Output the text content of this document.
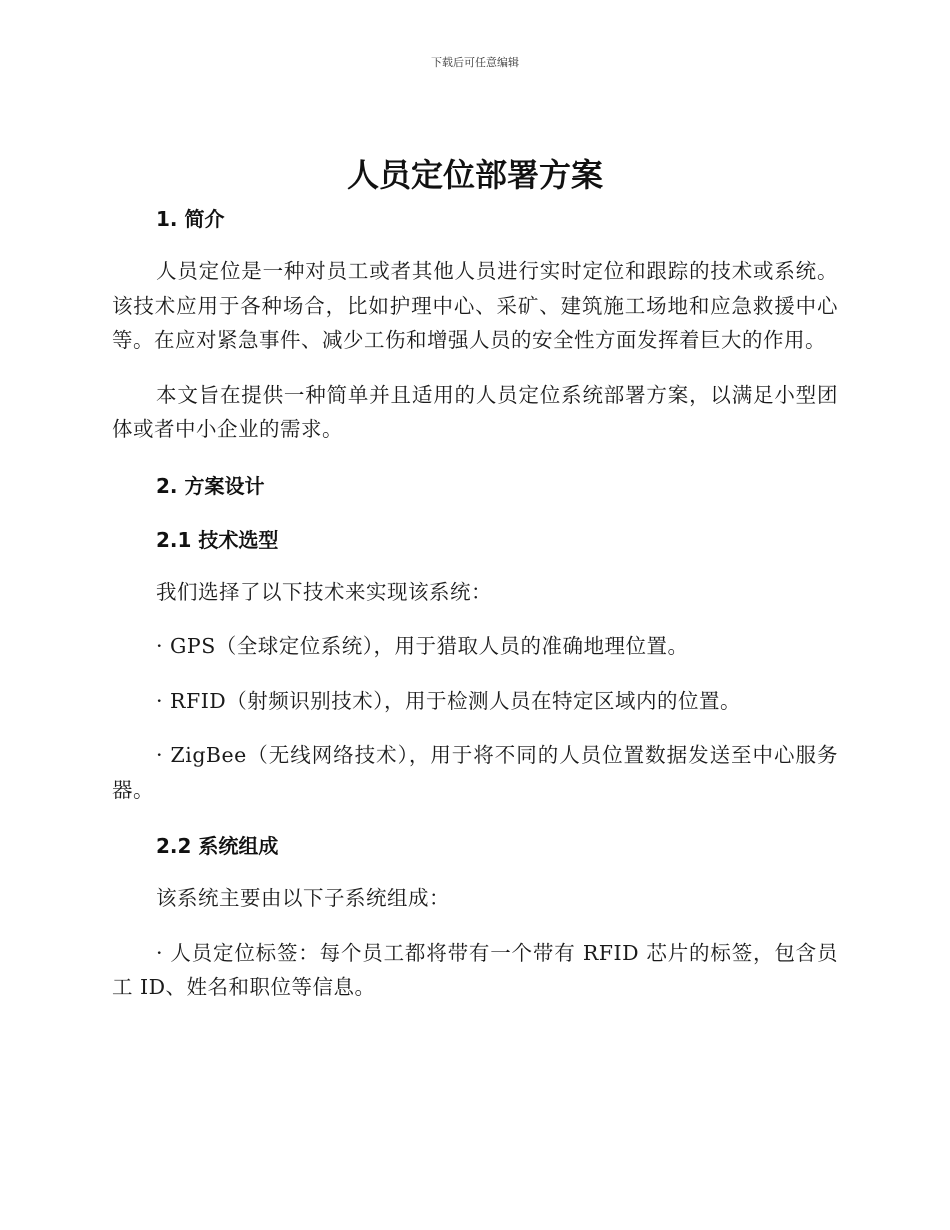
下载后可任意编辑
人员定位部署方案
1. 简介

人员定位是一种对员工或者其他人员进行实时定位和跟踪的技术或系统。该技术应用于各种场合，比如护理中心、采矿、建筑施工场地和应急救援中心等。在应对紧急事件、减少工伤和增强人员的安全性方面发挥着巨大的作用。

本文旨在提供一种简单并且适用的人员定位系统部署方案，以满足小型团体或者中小企业的需求。

2. 方案设计
2.1 技术选型

我们选择了以下技术来实现该系统：

· GPS（全球定位系统），用于猎取人员的准确地理位置。

· RFID（射频识别技术），用于检测人员在特定区域内的位置。

· ZigBee（无线网络技术），用于将不同的人员位置数据发送至中心服务器。

2.2 系统组成

该系统主要由以下子系统组成：

· 人员定位标签：每个员工都将带有一个带有 RFID 芯片的标签，包含员工 ID、姓名和职位等信息。
